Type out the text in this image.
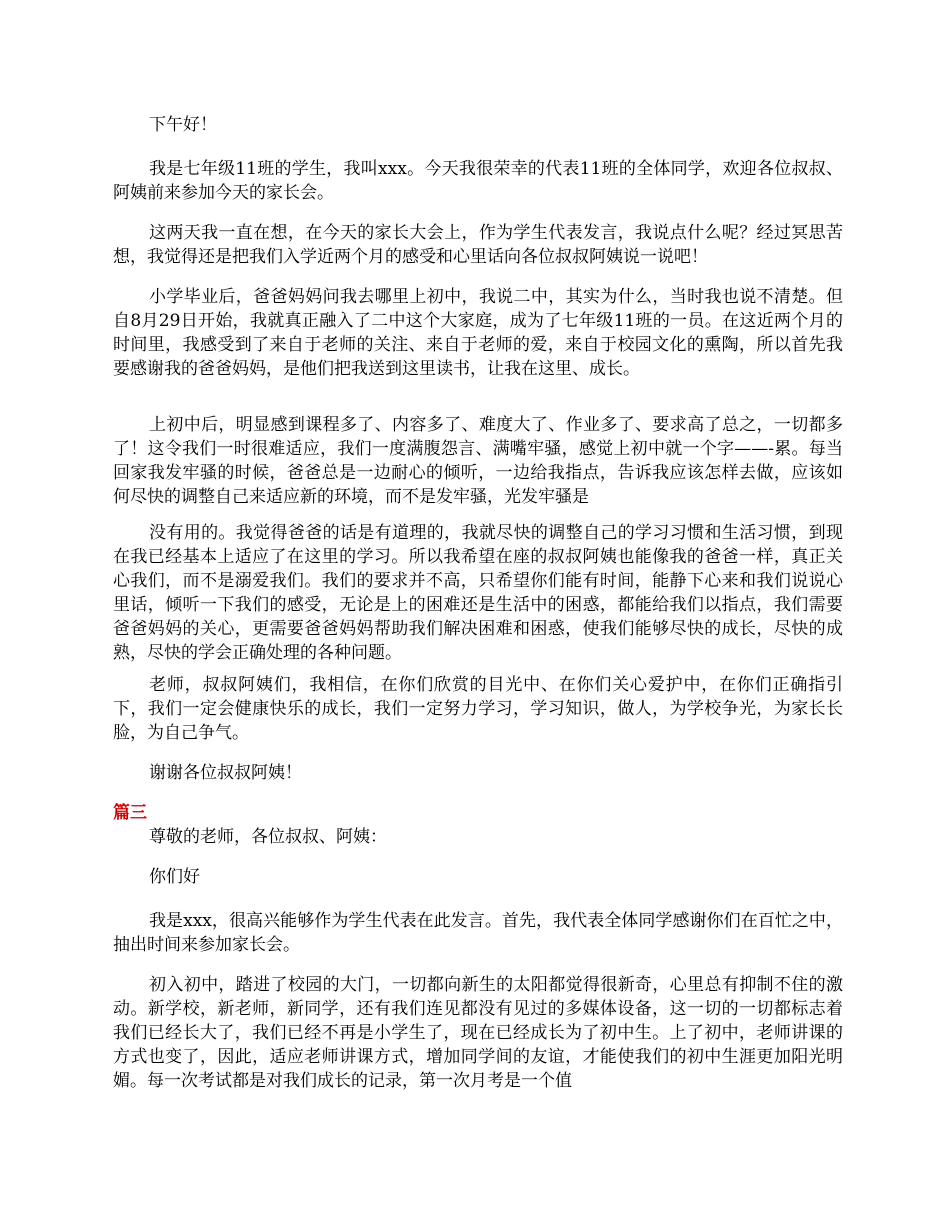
下午好！

我是七年级11班的学生，我叫xxx。今天我很荣幸的代表11班的全体同学，欢迎各位叔叔、阿姨前来参加今天的家长会。

这两天我一直在想，在今天的家长大会上，作为学生代表发言，我说点什么呢？经过冥思苦想，我觉得还是把我们入学近两个月的感受和心里话向各位叔叔阿姨说一说吧！

小学毕业后，爸爸妈妈问我去哪里上初中，我说二中，其实为什么，当时我也说不清楚。但自8月29日开始，我就真正融入了二中这个大家庭，成为了七年级11班的一员。在这近两个月的时间里，我感受到了来自于老师的关注、来自于老师的爱，来自于校园文化的熏陶，所以首先我要感谢我的爸爸妈妈，是他们把我送到这里读书，让我在这里、成长。

上初中后，明显感到课程多了、内容多了、难度大了、作业多了、要求高了总之，一切都多了！这令我们一时很难适应，我们一度满腹怨言、满嘴牢骚，感觉上初中就一个字——-累。每当回家我发牢骚的时候，爸爸总是一边耐心的倾听，一边给我指点，告诉我应该怎样去做，应该如何尽快的调整自己来适应新的环境，而不是发牢骚，光发牢骚是

没有用的。我觉得爸爸的话是有道理的，我就尽快的调整自己的学习习惯和生活习惯，到现在我已经基本上适应了在这里的学习。所以我希望在座的叔叔阿姨也能像我的爸爸一样，真正关心我们，而不是溺爱我们。我们的要求并不高，只希望你们能有时间，能静下心来和我们说说心里话，倾听一下我们的感受，无论是上的困难还是生活中的困惑，都能给我们以指点，我们需要爸爸妈妈的关心，更需要爸爸妈妈帮助我们解决困难和困惑，使我们能够尽快的成长，尽快的成熟，尽快的学会正确处理的各种问题。

老师，叔叔阿姨们，我相信，在你们欣赏的目光中、在你们关心爱护中，在你们正确指引下，我们一定会健康快乐的成长，我们一定努力学习，学习知识，做人，为学校争光，为家长长脸，为自己争气。

谢谢各位叔叔阿姨！

篇三

尊敬的老师，各位叔叔、阿姨：

你们好

我是xxx，很高兴能够作为学生代表在此发言。首先，我代表全体同学感谢你们在百忙之中，抽出时间来参加家长会。

初入初中，踏进了校园的大门，一切都向新生的太阳都觉得很新奇，心里总有抑制不住的激动。新学校，新老师，新同学，还有我们连见都没有见过的多媒体设备，这一切的一切都标志着我们已经长大了，我们已经不再是小学生了，现在已经成长为了初中生。上了初中，老师讲课的方式也变了，因此，适应老师讲课方式，增加同学间的友谊，才能使我们的初中生涯更加阳光明媚。每一次考试都是对我们成长的记录，第一次月考是一个值
